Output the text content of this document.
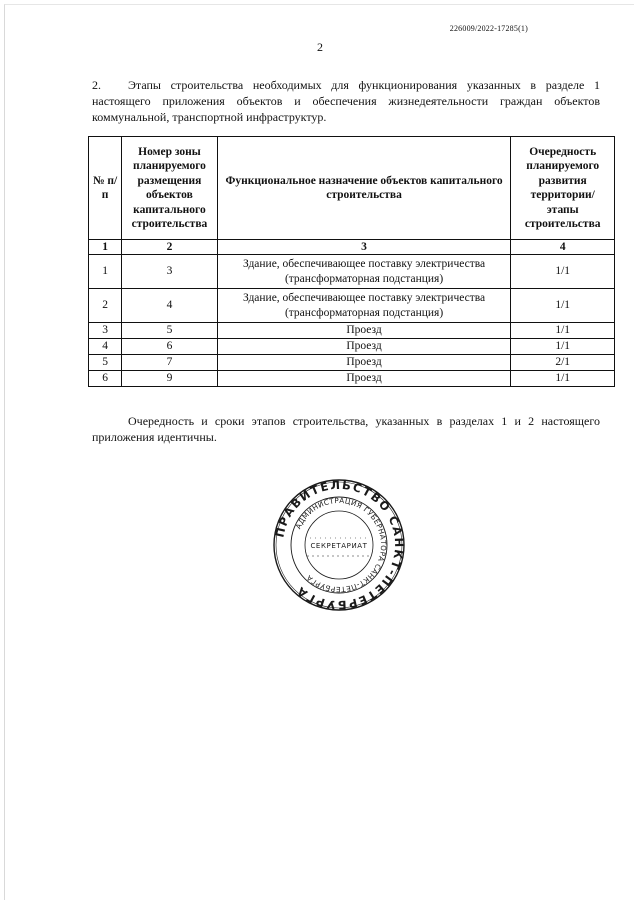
226009/2022-17285(1)
2
2. Этапы строительства необходимых для функционирования указанных в разделе 1 настоящего приложения объектов и обеспечения жизнедеятельности граждан объектов коммунальной, транспортной инфраструктур.
№ п/п	Номер зоны планируемого размещения объектов капитального строительства	Функциональное назначение объектов капитального строительства	Очередность планируемого развития территории/ этапы строительства
1	2	3	4
1	3	Здание, обеспечивающее поставку электричества (трансформаторная подстанция)	1/1
2	4	Здание, обеспечивающее поставку электричества (трансформаторная подстанция)	1/1
3	5	Проезд	1/1
4	6	Проезд	1/1
5	7	Проезд	2/1
6	9	Проезд	1/1
Очередность и сроки этапов строительства, указанных в разделах 1 и 2 настоящего приложения идентичны.
ПРАВИТЕЛЬСТВО САНКТ-ПЕТЕРБУРГА
АДМИНИСТРАЦИЯ ГУБЕРНАТОРА САНКТ-ПЕТЕРБУРГА
СЕКРЕТАРИАТ
